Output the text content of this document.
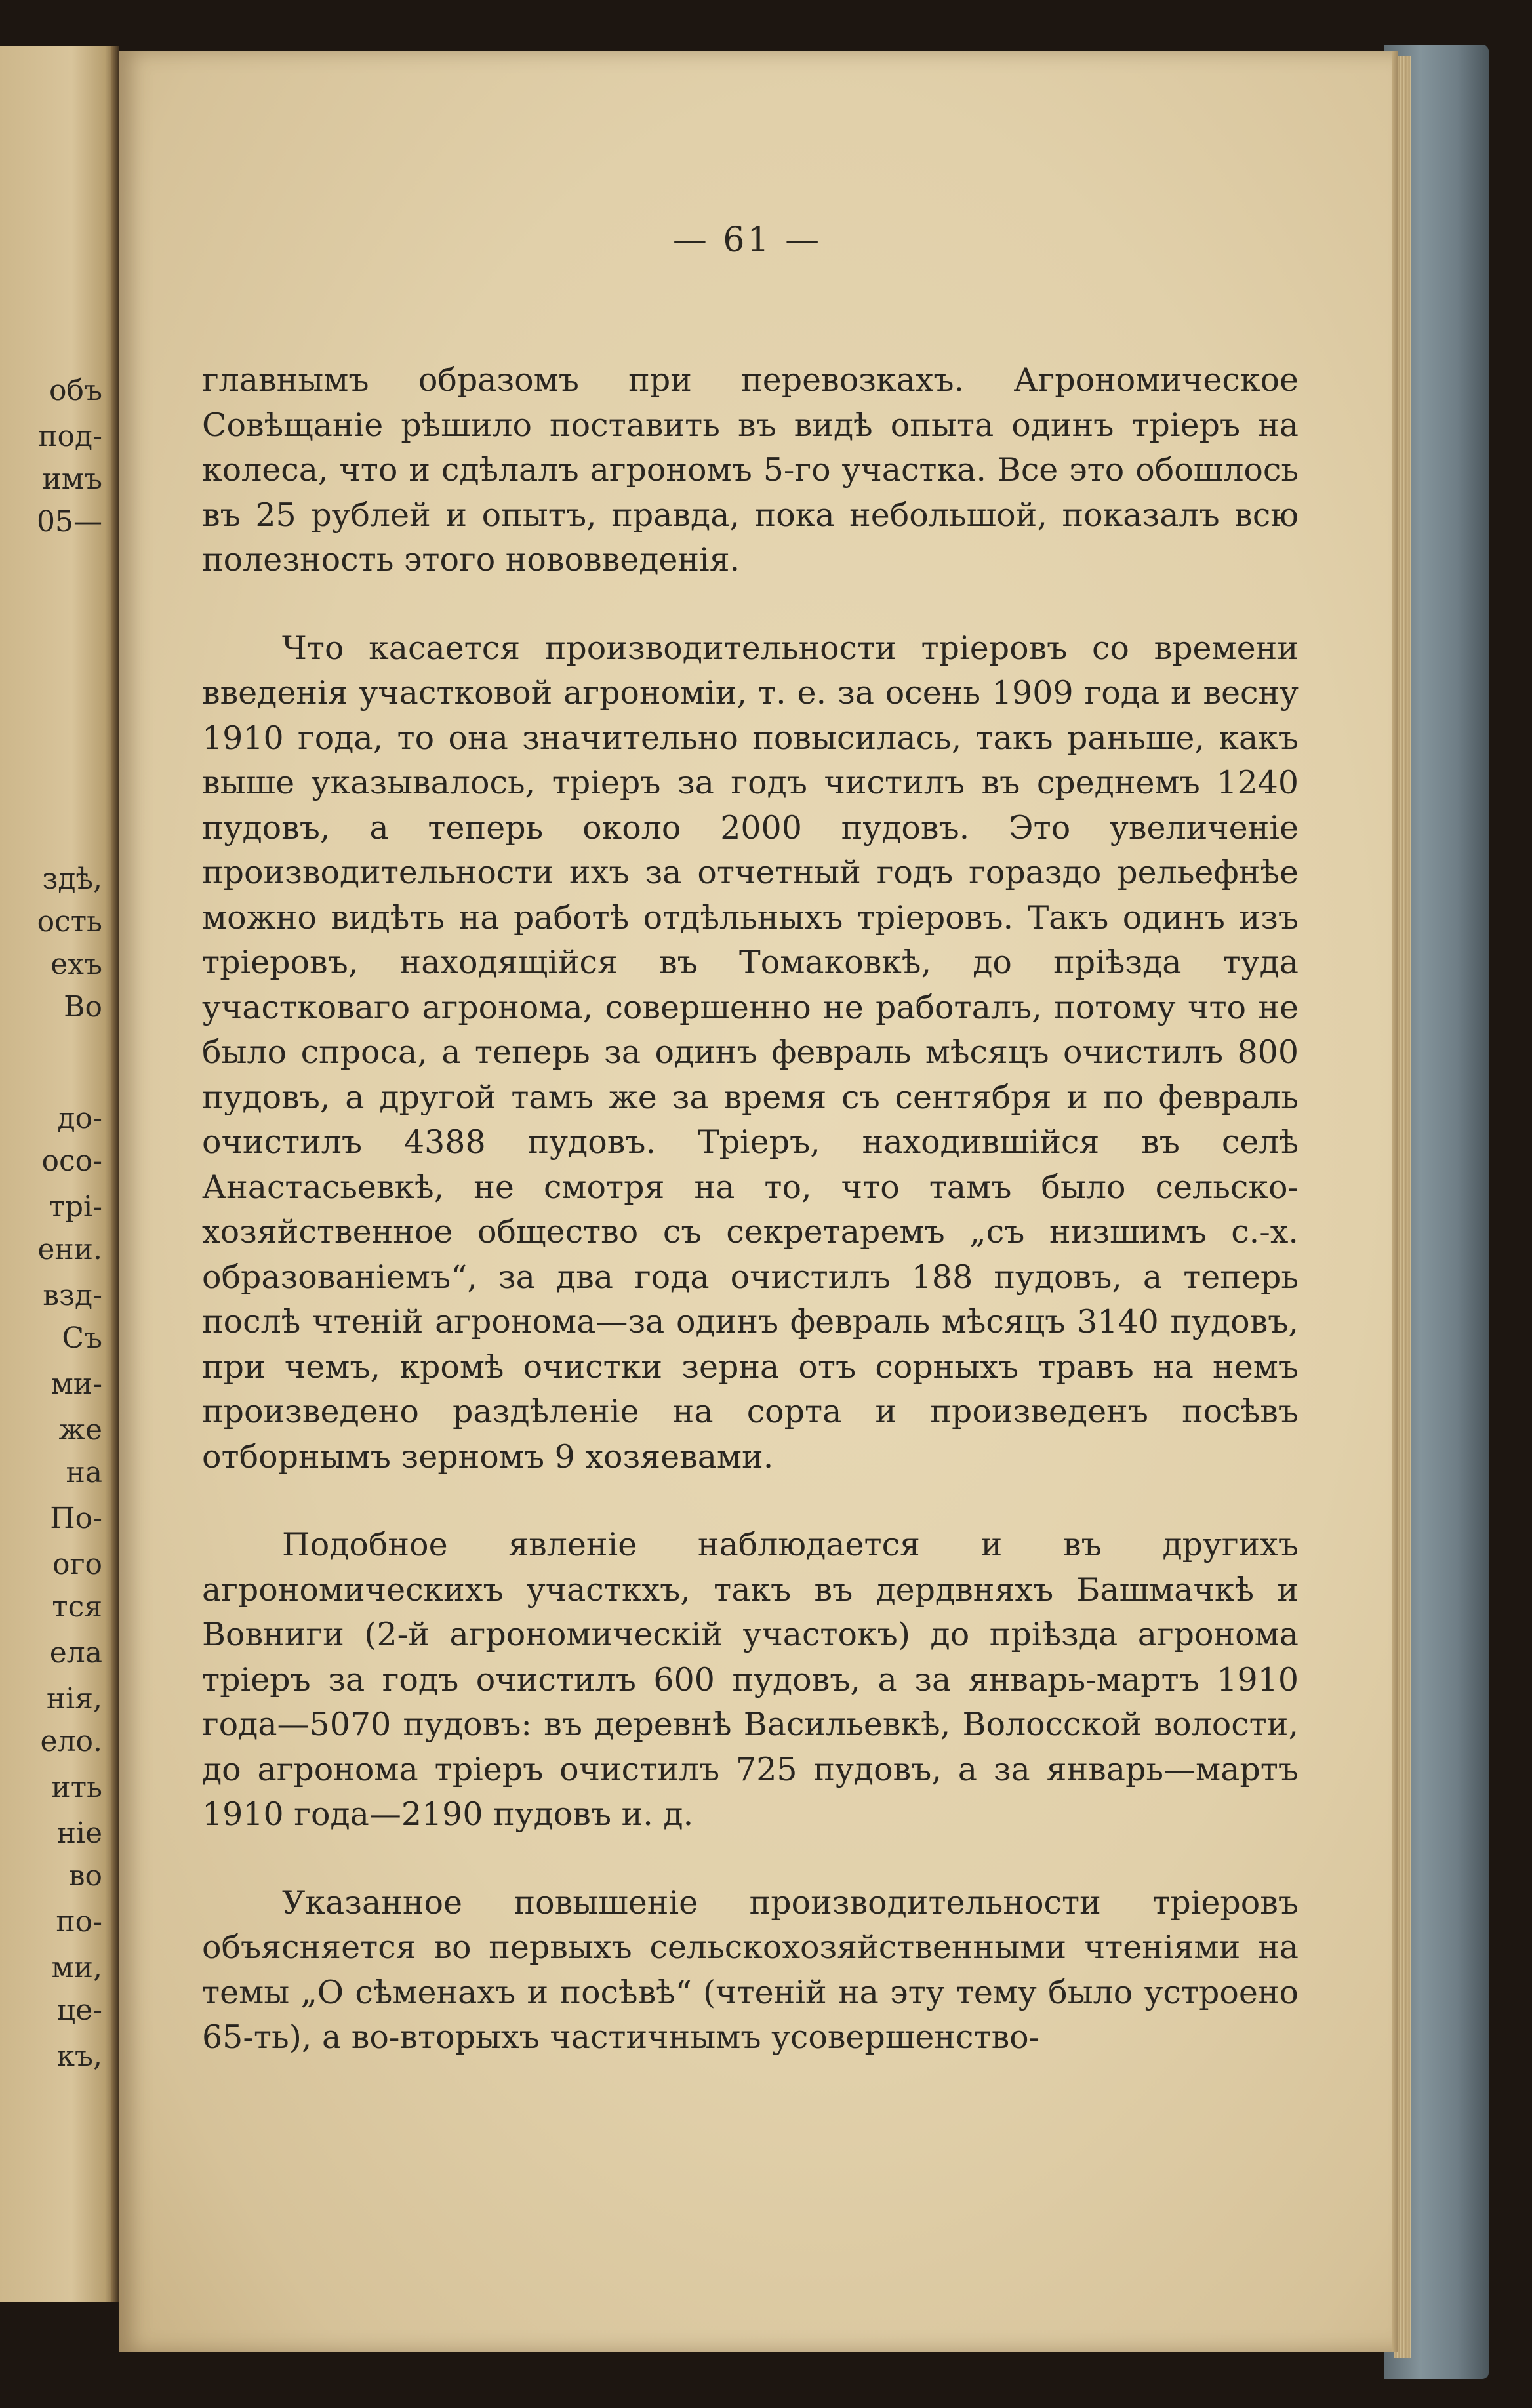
объ
под-
имъ
05—
здѣ,
ость
ехъ
Во
до-
осо-
трі-
ени.
взд-
Съ
ми-
же
на
По-
ого
тся
ела
нія,
ело.
ить
ніе
во
по-
ми,
це-
къ,
— 61 —

главнымъ образомъ при перевозкахъ. Агрономическое Совѣщаніе рѣшило поставить въ видѣ опыта одинъ тріеръ на колеса, что и сдѣлалъ агрономъ 5-го участка. Все это обошлось въ 25 рублей и опытъ, правда, пока небольшой, показалъ всю полезность этого нововведенія.

Что касается производительности тріеровъ со времени введенія участковой агрономіи, т. е. за осень 1909 года и весну 1910 года, то она значительно повысилась, такъ раньше, какъ выше указывалось, тріеръ за годъ чистилъ въ среднемъ 1240 пудовъ, а теперь около 2000 пудовъ. Это увеличеніе производительности ихъ за отчетный годъ гораздо рельефнѣе можно видѣть на работѣ отдѣльныхъ тріеровъ. Такъ одинъ изъ тріеровъ, находящійся въ Томаковкѣ, до пріѣзда туда участковаго агронома, совершенно не работалъ, потому что не было спроса, а теперь за одинъ февраль мѣсяцъ очистилъ 800 пудовъ, а другой тамъ же за время съ сентября и по февраль очистилъ 4388 пудовъ. Тріеръ, находившійся въ селѣ Анастасьевкѣ, не смотря на то, что тамъ было сельско-хозяйственное общество съ секретаремъ „съ низшимъ с.-х. образованіемъ“, за два года очистилъ 188 пудовъ, а теперь послѣ чтеній агронома—за одинъ февраль мѣсяцъ 3140 пудовъ, при чемъ, кромѣ очистки зерна отъ сорныхъ травъ на немъ произведено раздѣленіе на сорта и произведенъ посѣвъ отборнымъ зерномъ 9 хозяевами.

Подобное явленіе наблюдается и въ другихъ агрономическихъ участкхъ, такъ въ дердвняхъ Башмачкѣ и Вовниги (2-й агрономическій участокъ) до пріѣзда агронома тріеръ за годъ очистилъ 600 пудовъ, а за январь-мартъ 1910 года—5070 пудовъ: въ деревнѣ Васильевкѣ, Волосской волости, до агронома тріеръ очистилъ 725 пудовъ, а за январь—мартъ 1910 года—2190 пудовъ и. д.

Указанное повышеніе производительности тріеровъ объясняется во первыхъ сельскохозяйственными чтеніями на темы „О сѣменахъ и посѣвѣ“ (чтеній на эту тему было устроено 65-ть), а во-вторыхъ частичнымъ усовершенство-
